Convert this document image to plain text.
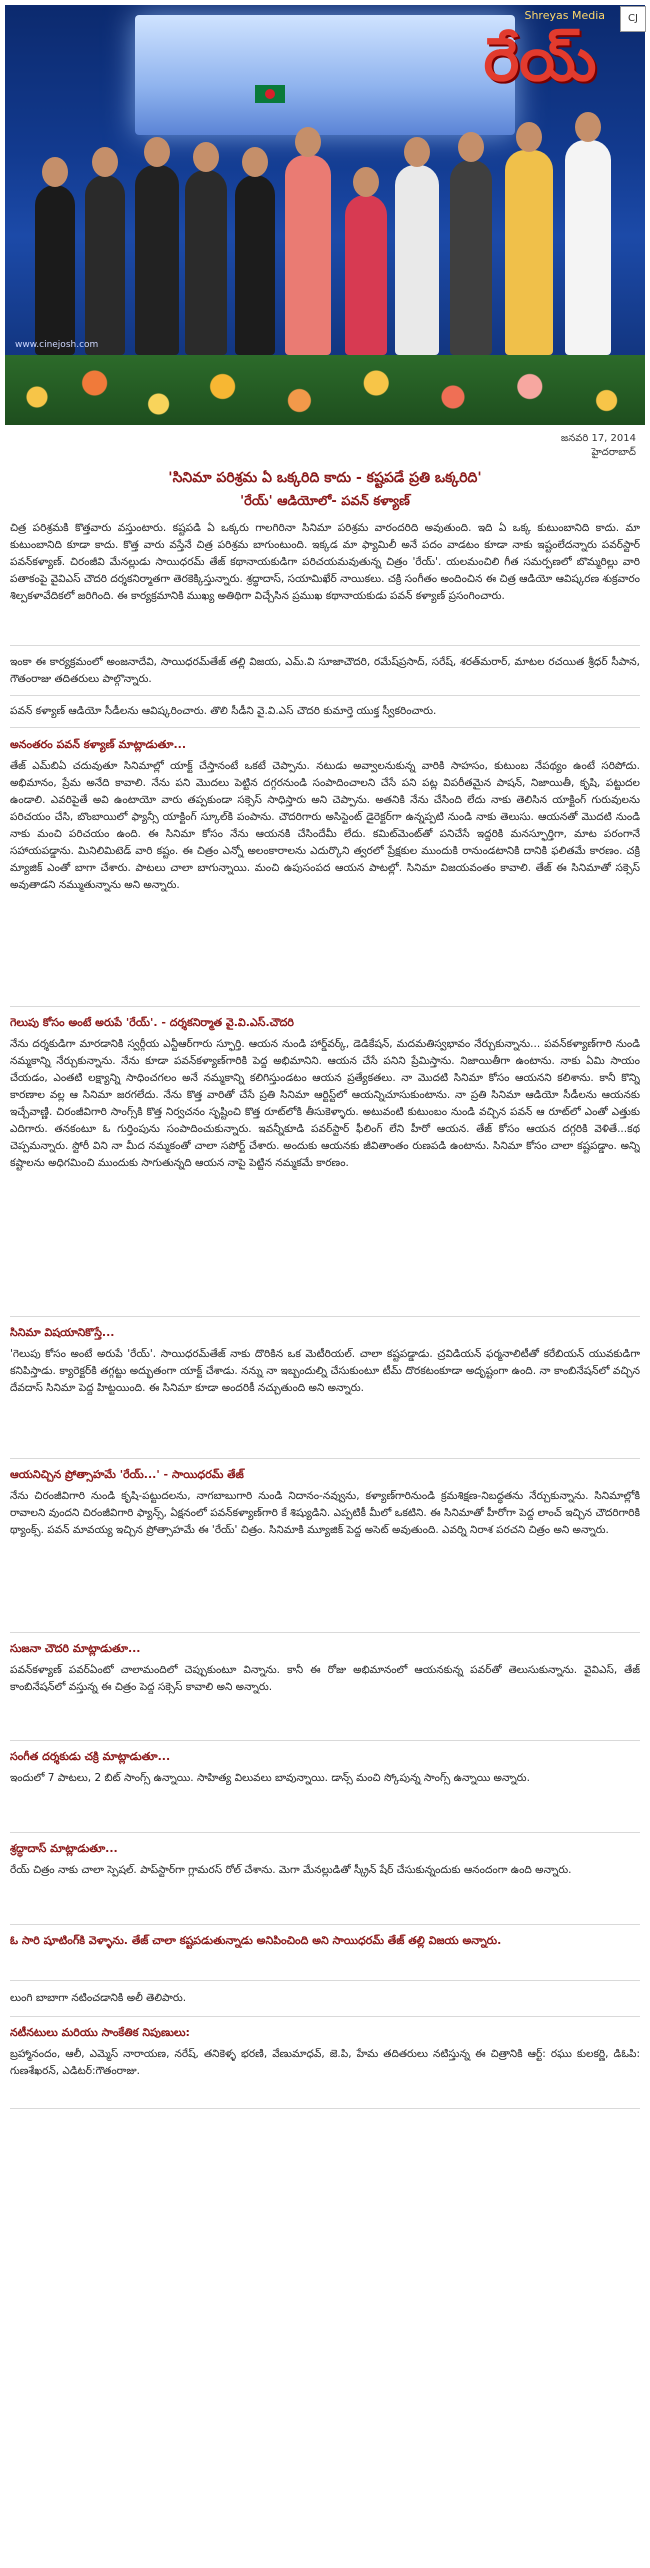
Shreyas Media
రేయ్
www.cinejosh.com
CJ
జనవరి 17, 2014
హైదరాబాద్
'సినిమా పరిశ్రమ ఏ ఒక్కరిది కాదు - కష్టపడే ప్రతి ఒక్కరిది'
'రేయ్' ఆడియోలో- పవన్ కళ్యాణ్
చిత్ర పరిశ్రమకి కొత్తవారు వస్తుంటారు. కష్టపడి ఏ ఒక్కరు గాలగిరినా సినిమా పరిశ్రమ వారందరిది అవుతుంది. ఇది ఏ ఒక్క కుటుంబానిది కాదు. మా కుటుంబానిది కూడా కాదు. కొత్త వారు వస్తేనే చిత్ర పరిశ్రమ బాగుంటుంది. ఇక్కడ మా ఫ్యామిలీ అనే పదం వాడటం కూడా నాకు ఇష్టంలేదన్నారు పవర్‌స్టార్ పవన్‌కళ్యాణ్. చిరంజీవి మేనల్లుడు సాయిధరమ్ తేజ్ కథానాయకుడిగా పరిచయమవుతున్న చిత్రం 'రేయ్'. యలమంచిలి గీత సమర్పణలో బొమ్మరిల్లు వారి పతాకంపై వైవిఎస్ చౌదరి దర్శకనిర్మాతగా తెరకెక్కిస్తున్నారు. శ్రద్ధాదాస్, సయామిఖేర్ నాయికలు. చక్రి సంగీతం అందించిన ఈ చిత్ర ఆడియో ఆవిష్కరణ శుక్రవారం శిల్పకళావేదికలో జరిగింది. ఈ కార్యక్రమానికి ముఖ్య అతిథిగా విచ్చేసిన ప్రముఖ కథానాయకుడు పవన్ కళ్యాణ్ ప్రసంగించారు.
ఇంకా ఈ కార్యక్రమంలో అంజనాదేవి, సాయిధరమ్‌తేజ్ తల్లి విజయ, ఎమ్.వి సూజాచౌదరి, రమేష్‌ప్రసాద్, సరేష్, శరత్‌మరార్, మాటల రచయిత శ్రీధర్ సీపాన, గౌతంరాజు తదితరులు పాల్గొన్నారు.
పవన్ కళ్యాణ్ ఆడియో సీడీలను ఆవిష్కరించారు. తొలి సీడీని వై.వి.ఎస్ చౌదరి కుమార్తె యుక్త స్వీకరించారు.
అనంతరం పవన్ కళ్యాణ్ మాట్లాడుతూ...
తేజ్ ఎమ్‌బిఏ చదువుతూ సినిమాల్లో యాక్ట్ చేస్తానంటే ఒకటే చెప్పాను. నటుడు అవ్వాలనుకున్న వారికి సాహసం, కుటుంబ నేపథ్యం ఉంటే సరిపోదు. అభిమానం, ప్రేమ అనేది కావాలి. నేను పని మొదలు పెట్టిన దగ్గరనుండి సంపాదించాలని చేసే పని పట్ల విపరీతమైన పాషన్, నిజాయితీ, కృషి, పట్టుదల ఉండాలి. ఎవరిపైతే అవి ఉంటాయో వారు తప్పకుండా సక్సెస్ సాధిస్తారు అని చెప్పాను. అతనికి నేను చేసింది లేదు నాకు తెలిసిన యాక్టింగ్ గురువులను పరిచయం చేసి, బొంబాయిలో ఫ్యాన్సీ యాక్టింగ్ స్కూల్‌కి పంపాను. చౌదరిగారు అసిస్టెంట్ డైరెక్టర్‌గా ఉన్నప్పటి నుండి నాకు తెలుసు. ఆయనతో మొదటి నుండి నాకు మంచి పరిచయం ఉంది. ఈ సినిమా కోసం నేను ఆయనకి చేసిందేమీ లేదు. కమిట్‌మెంట్‌తో పనిచేసే ఇద్దరికి మనస్ఫూర్తిగా, మాట పరంగానే సహాయపడ్డాను. మినిలిమిటెడ్ వారి కష్టం. ఈ చిత్రం ఎన్నో అలంకారాలను ఎదుర్కొని త్వరలో ప్రేక్షకుల ముందుకి రానుండటానికి దానికి ఫలితమే కారణం. చక్రి మ్యాజిక్ ఎంతో బాగా చేశారు. పాటలు చాలా బాగున్నాయి. మంచి ఉపుసంపద ఆయన పాటల్లో. సినిమా విజయవంతం కావాలి. తేజ్ ఈ సినిమాతో సక్సెస్ అవుతాడని నమ్ముతున్నాను అని అన్నారు.
గెలుపు కోసం అంటే అరుపే 'రేయ్'. - దర్శకనిర్మాత వై.వి.ఎస్.చౌదరి
నేను దర్శకుడిగా మారడానికి స్వర్గీయ ఎన్టీఆర్‌గారు స్ఫూర్తి. ఆయన నుండి హార్డ్‌వర్క్, డెడికేషన్, మదమతిస్వభావం నేర్చుకున్నాను... పవన్‌కళ్యాణ్‌గారి నుండి నమ్మకాన్ని నేర్చుకున్నాను. నేను కూడా పవన్‌కళ్యాణ్‌గారికి పెద్ద అభిమానిని. ఆయన చేసే పనిని ప్రేమిస్తాను. నిజాయితీగా ఉంటాను. నాకు ఏమి సాయం చేయడం, ఎంతటి లక్ష్యాన్ని సాధించగలం అనే నమ్మకాన్ని కలిగిస్తుండటం ఆయన ప్రత్యేకతలు. నా మొదటి సినిమా కోసం ఆయనని కలిశాను. కానీ కొన్ని కారణాల వల్ల ఆ సినిమా జరగలేదు. నేను కొత్త వారితో చేసే ప్రతి సినిమా ఆర్టిస్ట్‌లో ఆయన్నిచూసుకుంటాను. నా ప్రతి సినిమా ఆడియో సీడీలను ఆయనకు ఇచ్చేవాణ్ణి. చిరంజీవిగారి సాంగ్స్‌కి కొత్త నిర్వచనం సృష్టించి కొత్త రూట్‌లోకి తీసుకెళ్ళారు. అటువంటి కుటుంబం నుండి వచ్చిన పవన్ ఆ రూట్‌లో ఎంతో ఎత్తుకు ఎదిగారు. తనకంటూ ఓ గుర్తింపును సంపాదించుకున్నారు. ఇవన్నీకూడి పవర్‌స్టార్ ఫీలింగ్ లేని హీరో ఆయన. తేజ్ కోసం ఆయన దగ్గరికి వెళితే...కథ చెప్పమన్నారు. స్టోరీ విని నా మీద నమ్మకంతో చాలా సపోర్ట్ చేశారు. అందుకు ఆయనకు జీవితాంతం రుణపడి ఉంటాను. సినిమా కోసం చాలా కష్టపడ్డాం. అన్ని కష్టాలను అధిగమించి ముందుకు సాగుతున్నది ఆయన నాపై పెట్టిన నమ్మకమే కారణం.
సినిమా విషయానికొస్తే...
'గెలుపు కోసం అంటే అరుపే 'రేయ్'. సాయిధరమ్‌తేజ్ నాకు దొరికిన ఒక మెటీరియల్. చాలా కష్టపడ్డాడు. చ్రవిడియన్ ఫర్మనాలిటీతో కరేబియన్ యువకుడిగా కనిపిస్తాడు. క్యారెక్టర్‌కి తగ్గట్టు అద్భుతంగా యాక్ట్ చేశాడు. నన్ను నా ఇబ్బందుల్ని చేసుకుంటూ టీమ్ దొరకటంకూడా అదృష్టంగా ఉంది. నా కాంబినేషన్‌లో వచ్చిన దేవదాస్ సినిమా పెద్ద హిట్టయింది. ఈ సినిమా కూడా అందరికీ నచ్చుతుంది అని అన్నారు.
ఆయనిచ్చిన ప్రోత్సాహమే 'రేయ్...' - సాయిధరమ్ తేజ్
నేను చిరంజీవిగారి నుండి కృషి-పట్టుదలను, నాగబాబుగారి నుండి నిదానం-నవ్వును, కళ్యాణ్‌గారినుండి క్రమశిక్షణ-నిబద్ధతను నేర్చుకున్నాను. సినిమాల్లోకి రావాలని వుందని చిరంజీవిగారి ఫ్యాన్స్, ఏక్షనంలో పవన్‌కళ్యాణ్‌గారి కే శిష్యుడిని. ఎప్పటికీ మీలో ఒకటిని. ఈ సినిమాతో హీరోగా పెద్ద లాంచ్ ఇచ్చిన చౌదరిగారికి థ్యాంక్స్. పవన్ మావయ్య ఇచ్చిన ప్రోత్సాహమే ఈ 'రేయ్' చిత్రం. సినిమాకి మ్యూజిక్ పెద్ద అసెట్ అవుతుంది. ఎవర్ని నిరాశ పరచని చిత్రం అని అన్నారు.
సుజనా చౌదరి మాట్లాడుతూ...
పవన్‌కళ్యాణ్ పవర్‌ఏంటో చాలామందిలో చెప్పుకుంటూ విన్నాను. కానీ ఈ రోజు అభిమానంలో ఆయనకున్న పవర్‌తో తెలుసుకున్నాను. వైవిఎస్, తేజ్ కాంబినేషన్‌లో వస్తున్న ఈ చిత్రం పెద్ద సక్సెస్ కావాలి అని అన్నారు.
సంగీత దర్శకుడు చక్రి మాట్లాడుతూ...
ఇందులో 7 పాటలు, 2 బిట్ సాంగ్స్ ఉన్నాయి. సాహిత్య విలువలు బావున్నాయి. డాన్స్ మంచి స్కోపున్న సాంగ్స్ ఉన్నాయి అన్నారు.
శ్రద్ధాదాస్ మాట్లాడుతూ...
రేయ్ చిత్రం నాకు చాలా స్పెషల్. పాప్‌స్టార్‌గా గ్లామరస్ రోల్ చేశాను. మెగా మేనల్లుడితో స్క్రీన్ షేర్ చేసుకున్నందుకు ఆనందంగా ఉంది అన్నారు.
ఓ సారి షూటింగ్‌కి వెళ్ళాను. తేజ్ చాలా కష్టపడుతున్నాడు అనిపించింది అని సాయిధరమ్ తేజ్ తల్లి విజయ అన్నారు.
లుంగి బాబాగా నటించడానికి అలీ తెలిపారు.
నటీనటులు మరియు సాంకేతిక నిపుణులు:
బ్రహ్మానందం, ఆలీ, ఎమ్మెస్ నారాయణ, నరేష్, తనికెళ్ళ భరణి, వేణుమాధవ్, జె.పి, హేమ తదితరులు నటిస్తున్న ఈ చిత్రానికి ఆర్ట్: రఘు కులకర్ణి, డిఓపి: గుణశేఖరన్, ఎడిటర్:గౌతంరాజు.
